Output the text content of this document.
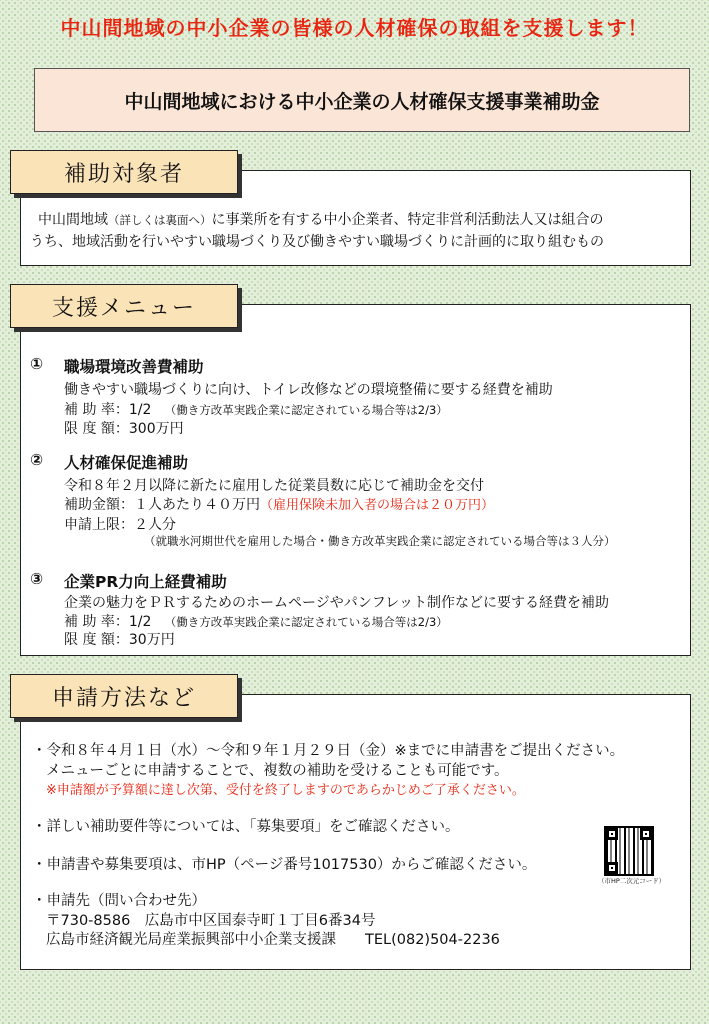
中山間地域の中小企業の皆様の人材確保の取組を支援します！
中山間地域における中小企業の人材確保支援事業補助金
補助対象者
中山間地域（詳しくは裏面へ）に事業所を有する中小企業者、特定非営利活動法人又は組合の
うち、地域活動を行いやすい職場づくり及び働きやすい職場づくりに計画的に取り組むもの
支援メニュー
① 職場環境改善費補助
働きやすい職場づくりに向け、トイレ改修などの環境整備に要する経費を補助
補 助 率：1/2 （働き方改革実践企業に認定されている場合等は2/3）
限 度 額：300万円
② 人材確保促進補助
令和８年２月以降に新たに雇用した従業員数に応じて補助金を交付
補助金額：１人あたり４０万円（雇用保険未加入者の場合は２０万円）
申請上限：２人分
（就職氷河期世代を雇用した場合・働き方改革実践企業に認定されている場合等は３人分）
③ 企業PR力向上経費補助
企業の魅力をＰＲするためのホームページやパンフレット制作などに要する経費を補助
補 助 率：1/2 （働き方改革実践企業に認定されている場合等は2/3）
限 度 額：30万円
申請方法など
・令和８年４月１日（水）～令和９年１月２９日（金）※までに申請書をご提出ください。
メニューごとに申請することで、複数の補助を受けることも可能です。
※申請額が予算額に達し次第、受付を終了しますのであらかじめご了承ください。
・詳しい補助要件等については、「募集要項」をご確認ください。
・申請書や募集要項は、市HP（ページ番号1017530）からご確認ください。
・申請先（問い合わせ先）
〒730-8586　広島市中区国泰寺町１丁目6番34号
広島市経済観光局産業振興部中小企業支援課　　TEL(082)504-2236
（市HP二次元コード）
